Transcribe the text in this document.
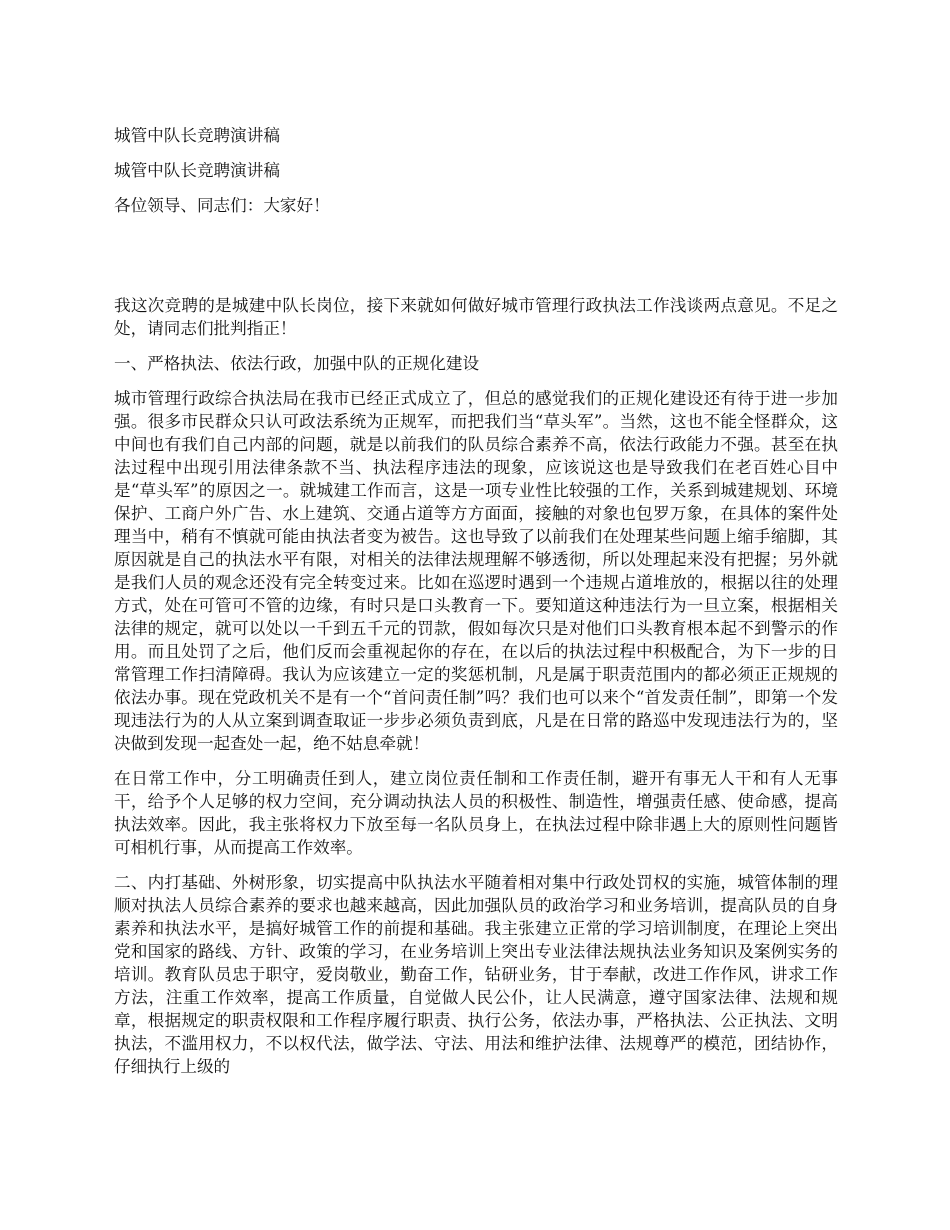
城管中队长竞聘演讲稿

城管中队长竞聘演讲稿

各位领导、同志们：大家好！

我这次竞聘的是城建中队长岗位，接下来就如何做好城市管理行政执法工作浅谈两点意见。不足之处，请同志们批判指正！

一、严格执法、依法行政，加强中队的正规化建设

城市管理行政综合执法局在我市已经正式成立了，但总的感觉我们的正规化建设还有待于进一步加强。很多市民群众只认可政法系统为正规军，而把我们当“草头军”。当然，这也不能全怪群众，这中间也有我们自己内部的问题，就是以前我们的队员综合素养不高，依法行政能力不强。甚至在执法过程中出现引用法律条款不当、执法程序违法的现象，应该说这也是导致我们在老百姓心目中是“草头军”的原因之一。就城建工作而言，这是一项专业性比较强的工作，关系到城建规划、环境保护、工商户外广告、水上建筑、交通占道等方方面面，接触的对象也包罗万象，在具体的案件处理当中，稍有不慎就可能由执法者变为被告。这也导致了以前我们在处理某些问题上缩手缩脚，其原因就是自己的执法水平有限，对相关的法律法规理解不够透彻，所以处理起来没有把握；另外就是我们人员的观念还没有完全转变过来。比如在巡逻时遇到一个违规占道堆放的，根据以往的处理方式，处在可管可不管的边缘，有时只是口头教育一下。要知道这种违法行为一旦立案，根据相关法律的规定，就可以处以一千到五千元的罚款，假如每次只是对他们口头教育根本起不到警示的作用。而且处罚了之后，他们反而会重视起你的存在，在以后的执法过程中积极配合，为下一步的日常管理工作扫清障碍。我认为应该建立一定的奖惩机制，凡是属于职责范围内的都必须正正规规的依法办事。现在党政机关不是有一个“首问责任制”吗？我们也可以来个“首发责任制”，即第一个发现违法行为的人从立案到调查取证一步步必须负责到底，凡是在日常的路巡中发现违法行为的，坚决做到发现一起查处一起，绝不姑息牵就！

在日常工作中，分工明确责任到人，建立岗位责任制和工作责任制，避开有事无人干和有人无事干，给予个人足够的权力空间，充分调动执法人员的积极性、制造性，增强责任感、使命感，提高执法效率。因此，我主张将权力下放至每一名队员身上，在执法过程中除非遇上大的原则性问题皆可相机行事，从而提高工作效率。

二、内打基础、外树形象，切实提高中队执法水平随着相对集中行政处罚权的实施，城管体制的理顺对执法人员综合素养的要求也越来越高，因此加强队员的政治学习和业务培训，提高队员的自身素养和执法水平，是搞好城管工作的前提和基础。我主张建立正常的学习培训制度，在理论上突出党和国家的路线、方针、政策的学习，在业务培训上突出专业法律法规执法业务知识及案例实务的培训。教育队员忠于职守，爱岗敬业，勤奋工作，钻研业务，甘于奉献，改进工作作风，讲求工作方法，注重工作效率，提高工作质量，自觉做人民公仆，让人民满意，遵守国家法律、法规和规章，根据规定的职责权限和工作程序履行职责、执行公务，依法办事，严格执法、公正执法、文明执法，不滥用权力，不以权代法，做学法、守法、用法和维护法律、法规尊严的模范，团结协作，仔细执行上级的
